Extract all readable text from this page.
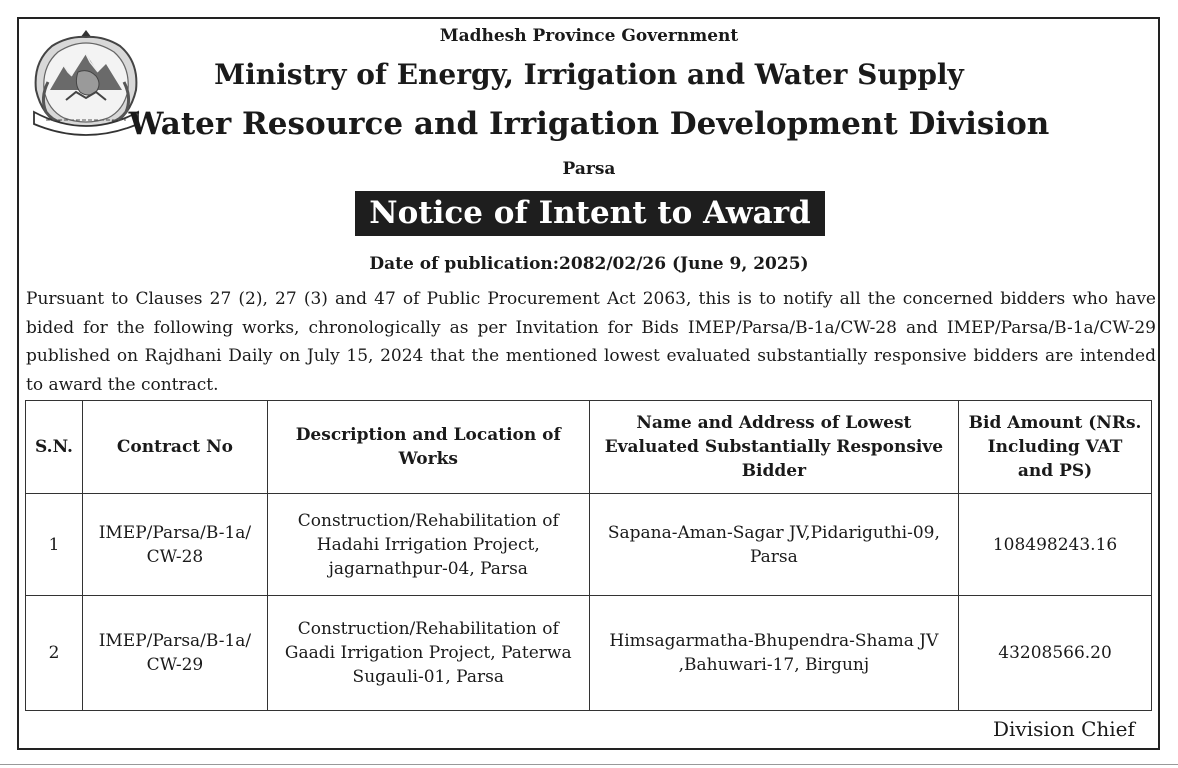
Madhesh Province Government
Ministry of Energy, Irrigation and Water Supply
Water Resource and Irrigation Development Division
Parsa
Notice of Intent to Award
Date of publication:2082/02/26 (June 9, 2025)

Pursuant to Clauses 27 (2), 27 (3) and 47 of Public Procurement Act 2063, this is to notify all the concerned bidders who have bided for the following works, chronologically as per Invitation for Bids IMEP/Parsa/B-1a/CW-28 and IMEP/Parsa/B-1a/CW-29 published on Rajdhani Daily on July 15, 2024 that the mentioned lowest evaluated substantially responsive bidders are intended to award the contract.

S.N.	Contract No	Description and Location of Works	Name and Address of Lowest Evaluated Substantially Responsive Bidder	Bid Amount (NRs. Including VAT and PS)
1	IMEP/Parsa/B-1a/ CW-28	Construction/Rehabilitation of Hadahi Irrigation Project, jagarnathpur-04, Parsa	Sapana-Aman-Sagar JV,Pidariguthi-09, Parsa	108498243.16
2	IMEP/Parsa/B-1a/ CW-29	Construction/Rehabilitation of Gaadi Irrigation Project, Paterwa Sugauli-01, Parsa	Himsagarmatha-Bhupendra-Shama JV ,Bahuwari-17, Birgunj	43208566.20
Division Chief
